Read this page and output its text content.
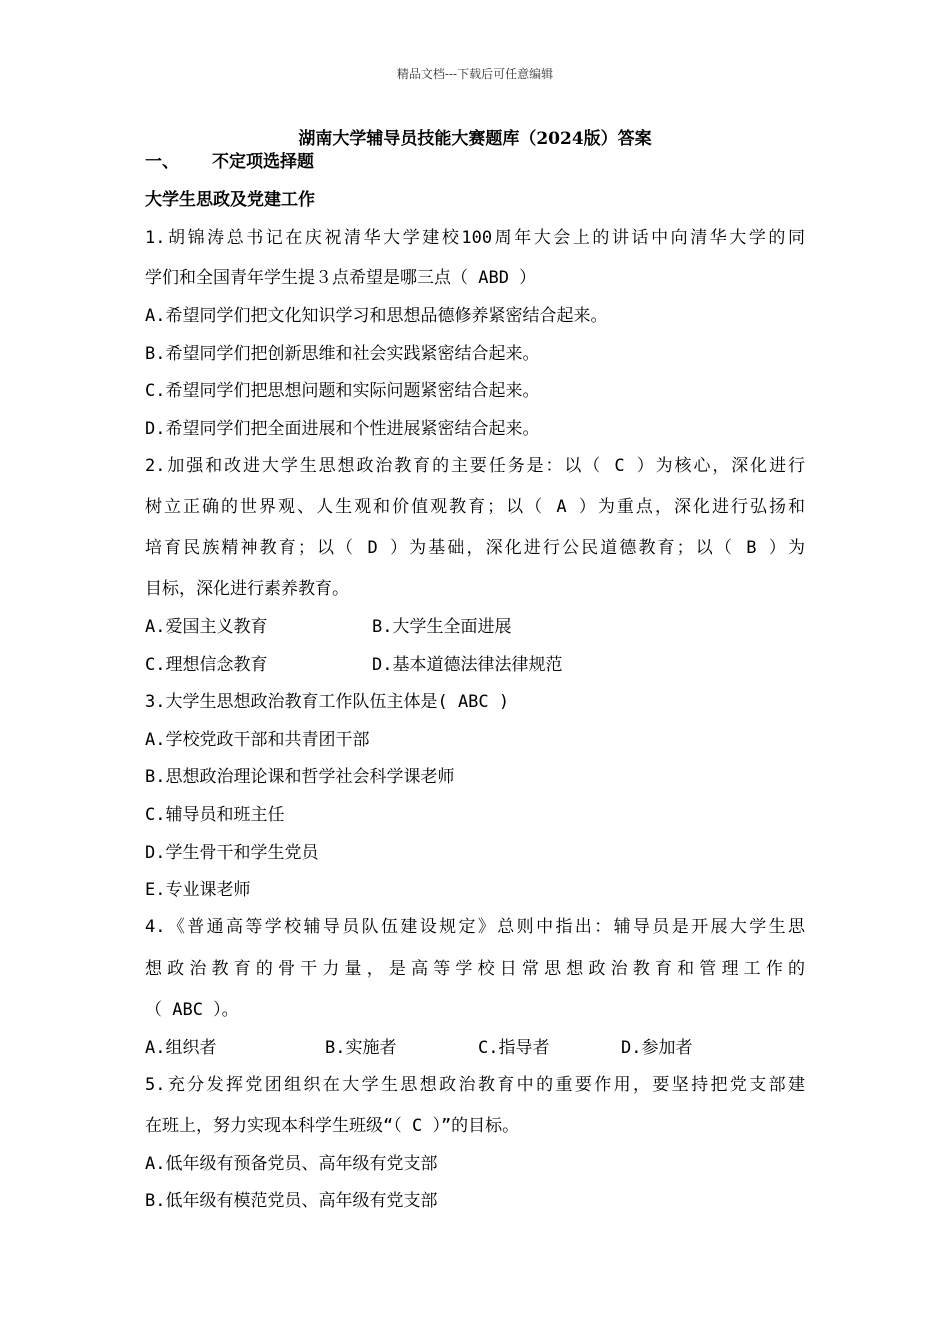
精品文档---下载后可任意编辑
湖南大学辅导员技能大赛题库（2024版）答案
一、 不定项选择题
大学生思政及党建工作
1.胡锦涛总书记在庆祝清华大学建校100周年大会上的讲话中向清华大学的同
学们和全国青年学生提３点希望是哪三点（ ABD ）
A.希望同学们把文化知识学习和思想品德修养紧密结合起来。
B.希望同学们把创新思维和社会实践紧密结合起来。
C.希望同学们把思想问题和实际问题紧密结合起来。
D.希望同学们把全面进展和个性进展紧密结合起来。
2.加强和改进大学生思想政治教育的主要任务是：以（ C ）为核心，深化进行
树立正确的世界观、人生观和价值观教育；以（ A ）为重点，深化进行弘扬和
培育民族精神教育；以（ D ）为基础，深化进行公民道德教育；以（ B ）为
目标，深化进行素养教育。
A.爱国主义教育	B.大学生全面进展
C.理想信念教育	D.基本道德法律法律规范
3.大学生思想政治教育工作队伍主体是( ABC )
A.学校党政干部和共青团干部
B.思想政治理论课和哲学社会科学课老师
C.辅导员和班主任
D.学生骨干和学生党员
E.专业课老师
4.《普通高等学校辅导员队伍建设规定》总则中指出：辅导员是开展大学生思
想政治教育的骨干力量，是高等学校日常思想政治教育和管理工作的
（ ABC ）。
A.组织者	B.实施者	C.指导者	D.参加者
5.充分发挥党团组织在大学生思想政治教育中的重要作用，要坚持把党支部建
在班上，努力实现本科学生班级“（ C ）”的目标。
A.低年级有预备党员、高年级有党支部
B.低年级有模范党员、高年级有党支部
